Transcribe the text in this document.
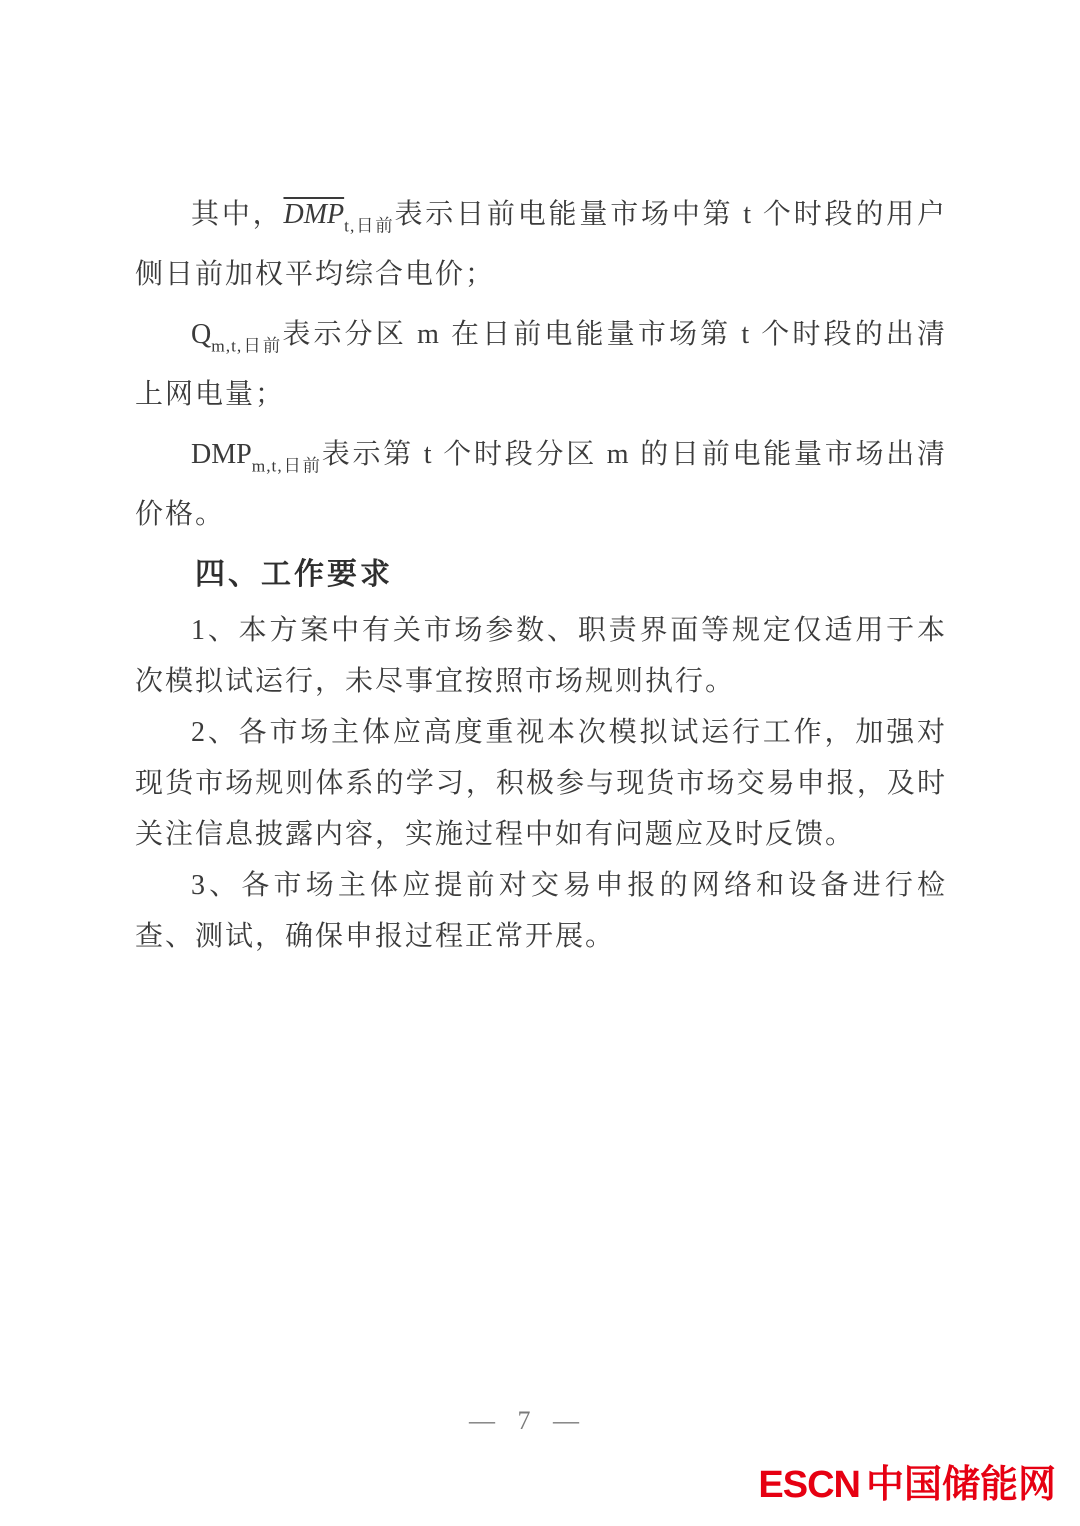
其中，$\overline{DMP}_{t,日前}$表示日前电能量市场中第 t 个时段的用户侧日前加权平均综合电价；

$Q_{m,t,日前}$表示分区 m 在日前电能量市场第 t 个时段的出清上网电量；

$DMP_{m,t,日前}$表示第 t 个时段分区 m 的日前电能量市场出清价格。

四、工作要求

1、本方案中有关市场参数、职责界面等规定仅适用于本次模拟试运行，未尽事宜按照市场规则执行。

2、各市场主体应高度重视本次模拟试运行工作，加强对现货市场规则体系的学习，积极参与现货市场交易申报，及时关注信息披露内容，实施过程中如有问题应及时反馈。

3、各市场主体应提前对交易申报的网络和设备进行检查、测试，确保申报过程正常开展。

— 7 —
ESCN 中国储能网
